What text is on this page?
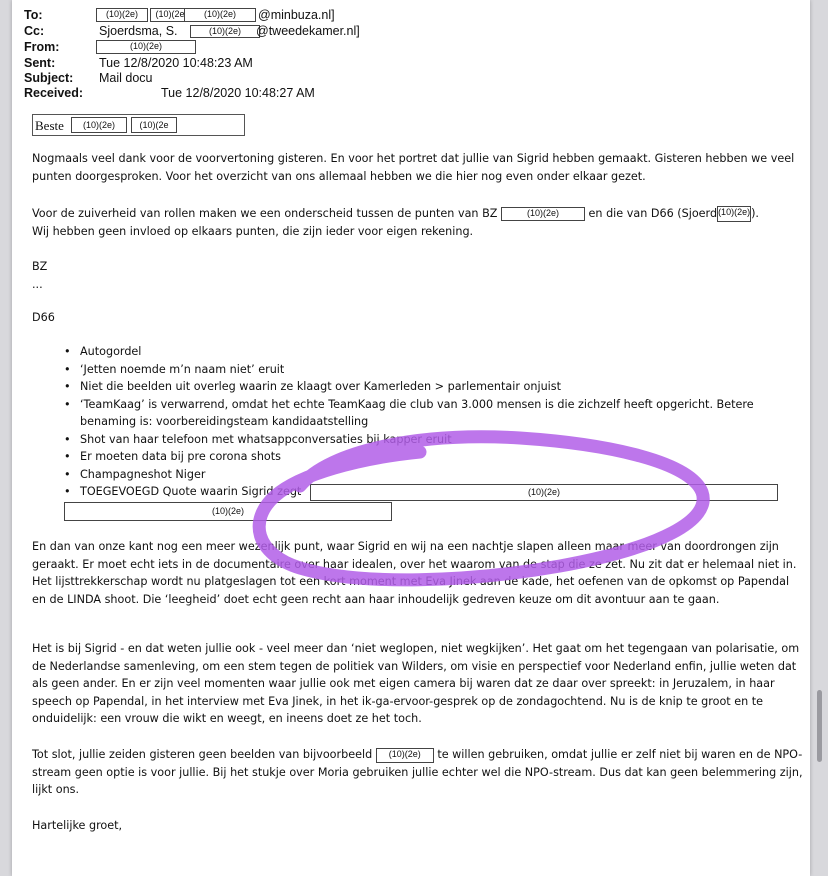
To:	(10)(2e)	(10)(2e	(10)(2e)	@minbuza.nl]
Cc:	Sjoerdsma, S.	(10)(2e)	@tweedekamer.nl]
From:	(10)(2e)
Sent:	Tue 12/8/2020 10:48:23 AM
Subject: Mail docu
Received:	Tue 12/8/2020 10:48:27 AM
Beste	(10)(2e)	(10)(2e
Nogmaals veel dank voor de voorvertoning gisteren. En voor het portret dat jullie van Sigrid hebben gemaakt. Gisteren hebben we veel punten doorgesproken. Voor het overzicht van ons allemaal hebben we die hier nog even onder elkaar gezet.
Voor de zuiverheid van rollen maken we een onderscheid tussen de punten van BZ	(10)(2e)	en die van D66 (Sjoerd(10)(2e)).
Wij hebben geen invloed op elkaars punten, die zijn ieder voor eigen rekening.
BZ
...
D66
• Autogordel
• ‘Jetten noemde m’n naam niet’ eruit
• Niet die beelden uit overleg waarin ze klaagt over Kamerleden > parlementair onjuist
• ‘TeamKaag’ is verwarrend, omdat het echte TeamKaag die club van 3.000 mensen is die zichzelf heeft opgericht. Betere benaming is: voorbereidingsteam kandidaatstelling
• Shot van haar telefoon met whatsappconversaties bij kapper eruit
• Er moeten data bij pre corona shots
• Champagneshot Niger
• TOEGEVOEGD Quote waarin Sigrid zegt	(10)(2e)
(10)(2e)
En dan van onze kant nog een meer wezenlijk punt, waar Sigrid en wij na een nachtje slapen alleen maar meer van doordrongen zijn geraakt. Er moet echt iets in de documentaire over haar idealen, over het waarom van de stap die ze zet. Nu zit dat er helemaal niet in. Het lijsttrekkerschap wordt nu platgeslagen tot een kort moment met Eva Jinek aan de kade, het oefenen van de opkomst op Papendal en de LINDA shoot. Die ‘leegheid’ doet echt geen recht aan haar inhoudelijk gedreven keuze om dit avontuur aan te gaan.
Het is bij Sigrid - en dat weten jullie ook - veel meer dan ‘niet weglopen, niet wegkijken’. Het gaat om het tegengaan van polarisatie, om de Nederlandse samenleving, om een stem tegen de politiek van Wilders, om visie en perspectief voor Nederland enfin, jullie weten dat als geen ander. En er zijn veel momenten waar jullie ook met eigen camera bij waren dat ze daar over spreekt: in Jeruzalem, in haar speech op Papendal, in het interview met Eva Jinek, in het ik-ga-ervoor-gesprek op de zondagochtend. Nu is de knip te groot en te onduidelijk: een vrouw die wikt en weegt, en ineens doet ze het toch.
Tot slot, jullie zeiden gisteren geen beelden van bijvoorbeeld (10)(2e) te willen gebruiken, omdat jullie er zelf niet bij waren en de NPO-stream geen optie is voor jullie. Bij het stukje over Moria gebruiken jullie echter wel die NPO-stream. Dus dat kan geen belemmering zijn, lijkt ons.
Hartelijke groet,
